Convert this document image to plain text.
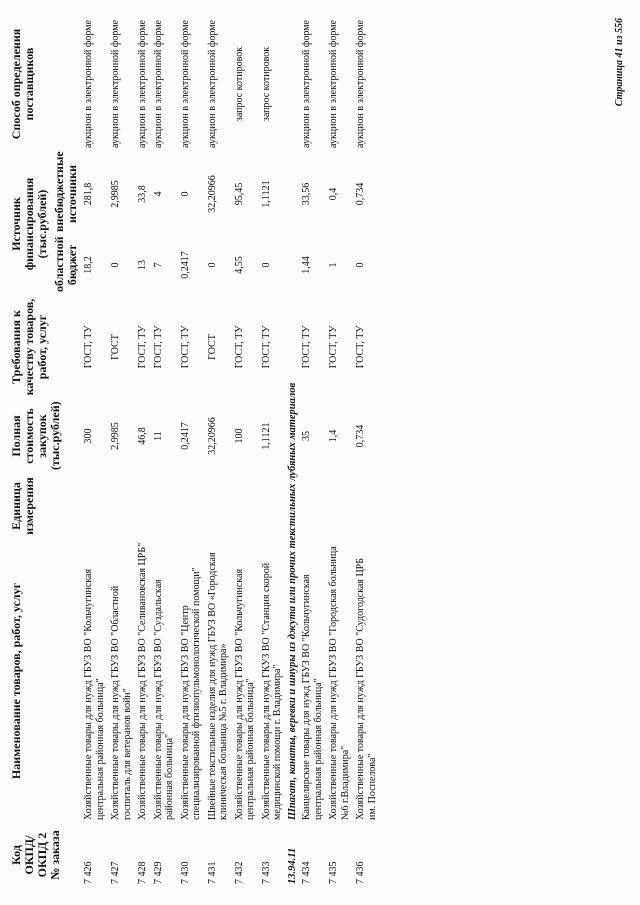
Код ОКПД/ ОКПД 2 № заказа	Наименование товаров, работ, услуг	Единица измерения	Полная стоимость закупок (тыс.рублей)	Требования к качеству товаров, работ, услуг	Источник финансирования (тыс.рублей)		Способ определения поставщиков
					областной бюджет	внебюджетные источники	
7 426	Хозяйственные товары для нужд ГБУЗ ВО "Кольчугинская центральная районная больница"		300	ГОСТ, ТУ	18,2	281,8	аукцион в электронной форме
7 427	Хозяйственные товары для нужд ГБУЗ ВО "Областной госпиталь для ветеранов войн"		2,9985	ГОСТ	0	2,9985	аукцион в электронной форме
7 428	Хозяйственные товары для нужд ГБУЗ ВО "Селивановская ЦРБ"		46,8	ГОСТ, ТУ	13	33,8	аукцион в электронной форме
7 429	Хозяйственные товары для нужд ГБУЗ ВО "Суздальская районная больница"		11	ГОСТ, ТУ	7	4	аукцион в электронной форме
7 430	Хозяйственные товары для нужд ГБУЗ ВО "Центр специализированной фтизиопульмонологической помощи"		0,2417	ГОСТ, ТУ	0,2417	0	аукцион в электронной форме
7 431	Швейные текстильные изделия для нужд ГБУЗ ВО «Городская клиническая больница №5 г. Владимира»		32,20966	ГОСТ	0	32,20966	аукцион в электронной форме
7 432	Хозяйственные товары для нужд ГБУЗ ВО "Кольчугинская центральная районная больница"		100	ГОСТ, ТУ	4,55	95,45	запрос котировок
7 433	Хозяйственные товары для нужд ГКУЗ ВО "Станция скорой медицинской помощи г. Владимира"		1,1121	ГОСТ, ТУ	0	1,1121	запрос котировок
13.94.11	Шпагат, канаты, веревки и шнуры из джута или прочих текстильных лубяных материалов						
7 434	Канцелярские товары для нужд ГБУЗ ВО "Кольчугинская центральная районная больница"		35	ГОСТ, ТУ	1,44	33,56	аукцион в электронной форме
7 435	Хозяйственные товары для нужд ГБУЗ ВО "Городская больница №6 г.Владимира"		1,4	ГОСТ, ТУ	1	0,4	аукцион в электронной форме
7 436	Хозяйственные товары для нужд ГБУЗ ВО "Судогодская ЦРБ им. Поспелова"		0,734	ГОСТ, ТУ	0	0,734	аукцион в электронной форме	Страница 41 из 556
